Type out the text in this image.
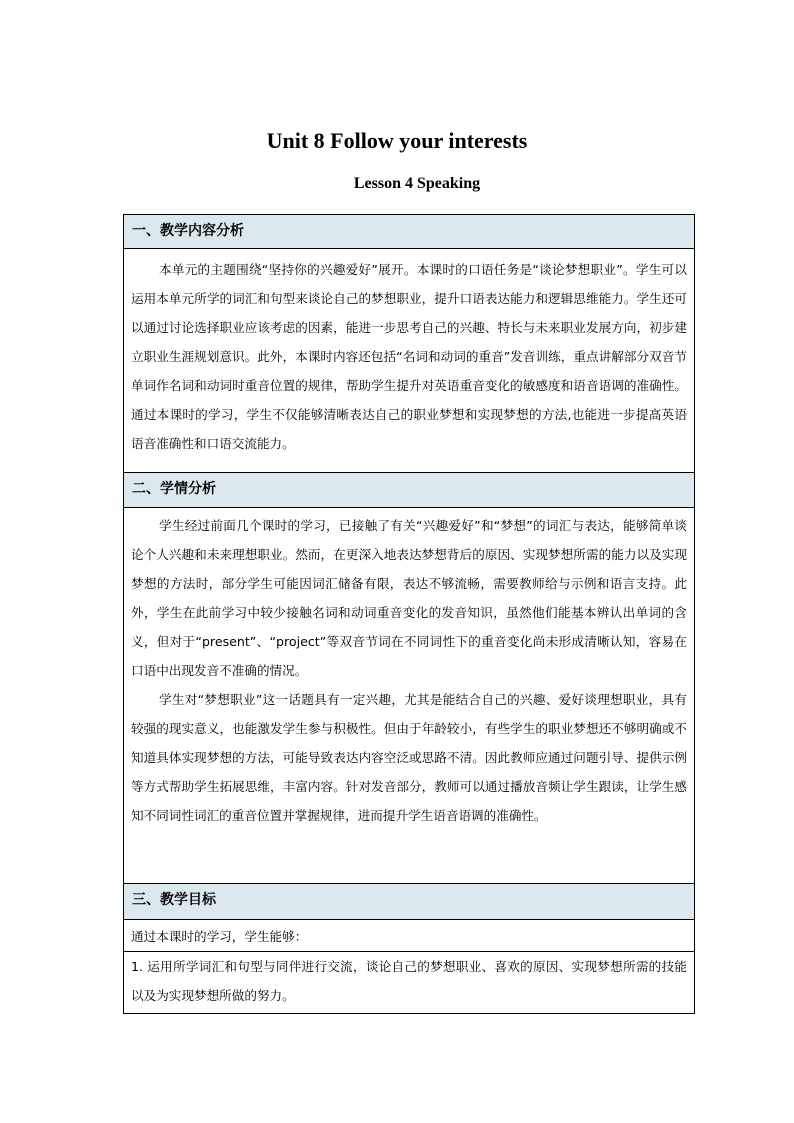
Unit 8 Follow your interests
Lesson 4 Speaking
一、教学内容分析

本单元的主题围绕“坚持你的兴趣爱好”展开。本课时的口语任务是“谈论梦想职业”。学生可以运用本单元所学的词汇和句型来谈论自己的梦想职业，提升口语表达能力和逻辑思维能力。学生还可以通过讨论选择职业应该考虑的因素，能进一步思考自己的兴趣、特长与未来职业发展方向，初步建立职业生涯规划意识。此外，本课时内容还包括“名词和动词的重音”发音训练，重点讲解部分双音节单词作名词和动词时重音位置的规律，帮助学生提升对英语重音变化的敏感度和语音语调的准确性。通过本课时的学习，学生不仅能够清晰表达自己的职业梦想和实现梦想的方法,也能进一步提高英语语音准确性和口语交流能力。

二、学情分析

学生经过前面几个课时的学习，已接触了有关“兴趣爱好”和“梦想”的词汇与表达，能够简单谈论个人兴趣和未来理想职业。然而，在更深入地表达梦想背后的原因、实现梦想所需的能力以及实现梦想的方法时，部分学生可能因词汇储备有限，表达不够流畅，需要教师给与示例和语言支持。此外，学生在此前学习中较少接触名词和动词重音变化的发音知识，虽然他们能基本辨认出单词的含义，但对于“present”、“project”等双音节词在不同词性下的重音变化尚未形成清晰认知，容易在口语中出现发音不准确的情况。

学生对“梦想职业”这一话题具有一定兴趣，尤其是能结合自己的兴趣、爱好谈理想职业，具有较强的现实意义，也能激发学生参与积极性。但由于年龄较小，有些学生的职业梦想还不够明确或不知道具体实现梦想的方法，可能导致表达内容空泛或思路不清。因此教师应通过问题引导、提供示例等方式帮助学生拓展思维，丰富内容。针对发音部分，教师可以通过播放音频让学生跟读，让学生感知不同词性词汇的重音位置并掌握规律，进而提升学生语音语调的准确性。

三、教学目标

通过本课时的学习，学生能够：

1. 运用所学词汇和句型与同伴进行交流，谈论自己的梦想职业、喜欢的原因、实现梦想所需的技能以及为实现梦想所做的努力。
